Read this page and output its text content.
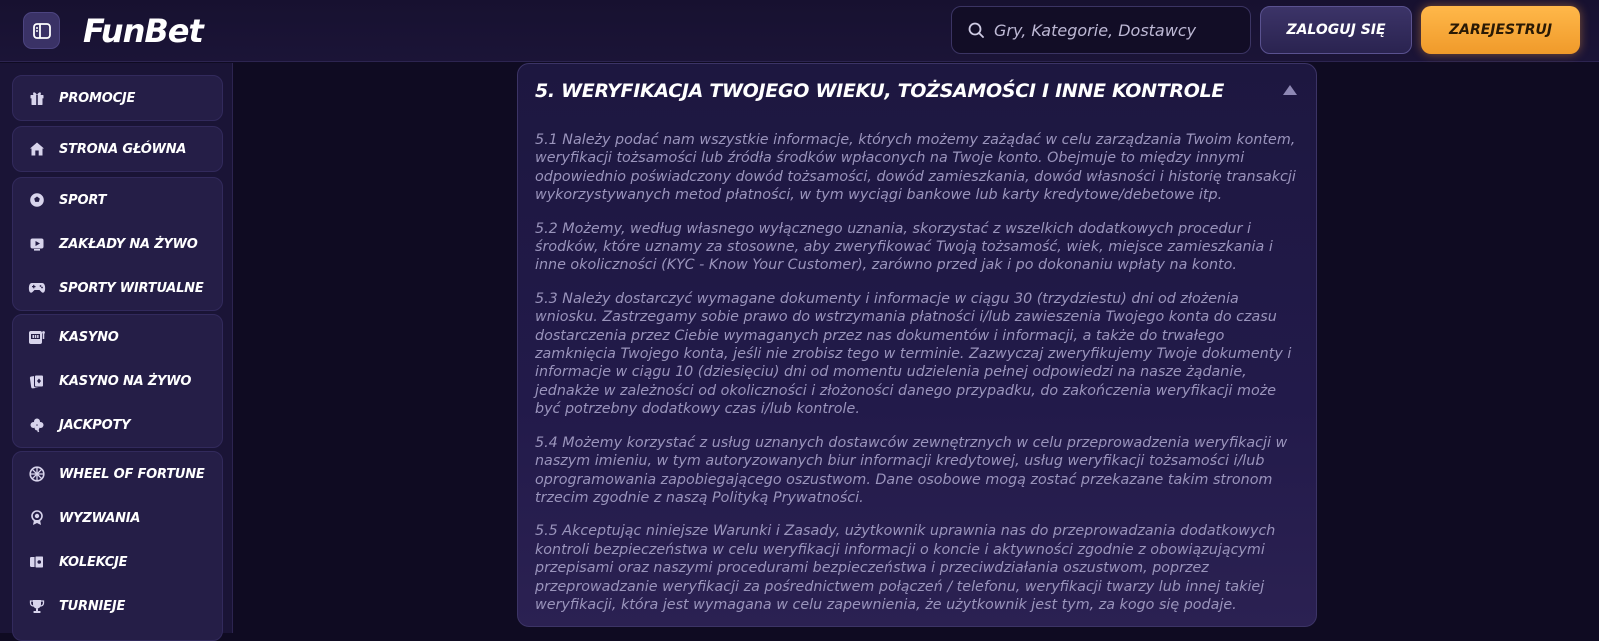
FunBet
Gry, Kategorie, Dostawcy	ZALOGUJ SIĘ	ZAREJESTRUJ
PROMOCJE
STRONA GŁÓWNA
SPORT
ZAKŁADY NA ŻYWO
SPORTY WIRTUALNE
KASYNO
KASYNO NA ŻYWO
JACKPOTY
WHEEL OF FORTUNE
WYZWANIA
KOLEKCJE
TURNIEJE
5. WERYFIKACJA TWOJEGO WIEKU, TOŻSAMOŚCI I INNE KONTROLE

5.1 Należy podać nam wszystkie informacje, których możemy zażądać w celu zarządzania Twoim kontem, weryfikacji tożsamości lub źródła środków wpłaconych na Twoje konto. Obejmuje to między innymi odpowiednio poświadczony dowód tożsamości, dowód zamieszkania, dowód własności i historię transakcji wykorzystywanych metod płatności, w tym wyciągi bankowe lub karty kredytowe/debetowe itp.

5.2 Możemy, według własnego wyłącznego uznania, skorzystać z wszelkich dodatkowych procedur i środków, które uznamy za stosowne, aby zweryfikować Twoją tożsamość, wiek, miejsce zamieszkania i inne okoliczności (KYC - Know Your Customer), zarówno przed jak i po dokonaniu wpłaty na konto.

5.3 Należy dostarczyć wymagane dokumenty i informacje w ciągu 30 (trzydziestu) dni od złożenia wniosku. Zastrzegamy sobie prawo do wstrzymania płatności i/lub zawieszenia Twojego konta do czasu dostarczenia przez Ciebie wymaganych przez nas dokumentów i informacji, a także do trwałego zamknięcia Twojego konta, jeśli nie zrobisz tego w terminie. Zazwyczaj zweryfikujemy Twoje dokumenty i informacje w ciągu 10 (dziesięciu) dni od momentu udzielenia pełnej odpowiedzi na nasze żądanie, jednakże w zależności od okoliczności i złożoności danego przypadku, do zakończenia weryfikacji może być potrzebny dodatkowy czas i/lub kontrole.

5.4 Możemy korzystać z usług uznanych dostawców zewnętrznych w celu przeprowadzenia weryfikacji w naszym imieniu, w tym autoryzowanych biur informacji kredytowej, usług weryfikacji tożsamości i/lub oprogramowania zapobiegającego oszustwom. Dane osobowe mogą zostać przekazane takim stronom trzecim zgodnie z naszą Polityką Prywatności.

5.5 Akceptując niniejsze Warunki i Zasady, użytkownik uprawnia nas do przeprowadzania dodatkowych kontroli bezpieczeństwa w celu weryfikacji informacji o koncie i aktywności zgodnie z obowiązującymi przepisami oraz naszymi procedurami bezpieczeństwa i przeciwdziałania oszustwom, poprzez przeprowadzanie weryfikacji za pośrednictwem połączeń / telefonu, weryfikacji twarzy lub innej takiej weryfikacji, która jest wymagana w celu zapewnienia, że użytkownik jest tym, za kogo się podaje.
